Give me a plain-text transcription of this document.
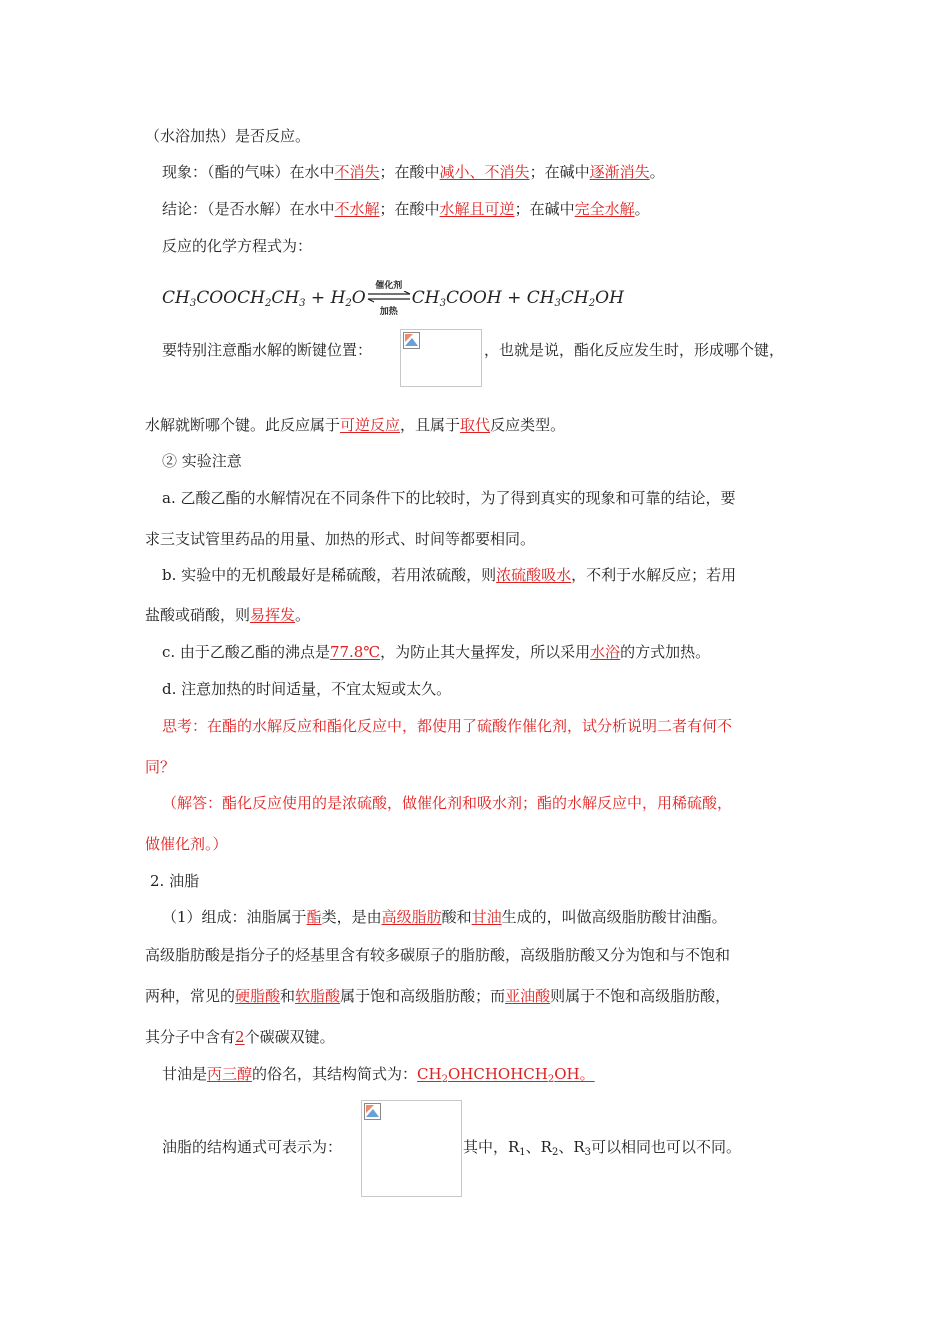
（水浴加热）是否反应。
现象：（酯的气味）在水中不消失；在酸中减小、不消失；在碱中逐渐消失。
结论：（是否水解）在水中不水解；在酸中水解且可逆；在碱中完全水解。
反应的化学方程式为：
$CH_3COOCH_2CH_3 + H_2O$
催化剂
加热
$CH_3COOH + CH_3CH_2OH$
要特别注意酯水解的断键位置：	，也就是说，酯化反应发生时，形成哪个键，
水解就断哪个键。此反应属于可逆反应，且属于取代反应类型。
② 实验注意
a. 乙酸乙酯的水解情况在不同条件下的比较时，为了得到真实的现象和可靠的结论，要
求三支试管里药品的用量、加热的形式、时间等都要相同。
b. 实验中的无机酸最好是稀硫酸，若用浓硫酸，则浓硫酸吸水，不利于水解反应；若用
盐酸或硝酸，则易挥发。
c. 由于乙酸乙酯的沸点是77.8℃，为防止其大量挥发，所以采用水浴的方式加热。
d. 注意加热的时间适量，不宜太短或太久。
思考：在酯的水解反应和酯化反应中，都使用了硫酸作催化剂，试分析说明二者有何不
同？
（解答：酯化反应使用的是浓硫酸，做催化剂和吸水剂；酯的水解反应中，用稀硫酸，
做催化剂。）
2. 油脂
（1）组成：油脂属于酯类，是由高级脂肪酸和甘油生成的，叫做高级脂肪酸甘油酯。
高级脂肪酸是指分子的烃基里含有较多碳原子的脂肪酸，高级脂肪酸又分为饱和与不饱和
两种，常见的硬脂酸和软脂酸属于饱和高级脂肪酸；而亚油酸则属于不饱和高级脂肪酸，
其分子中含有2个碳碳双键。
甘油是丙三醇的俗名，其结构简式为：$CH_2OHCHOHCH_2OH$。
油脂的结构通式可表示为：	其中，$R_1$、$R_2$、$R_3$可以相同也可以不同。
